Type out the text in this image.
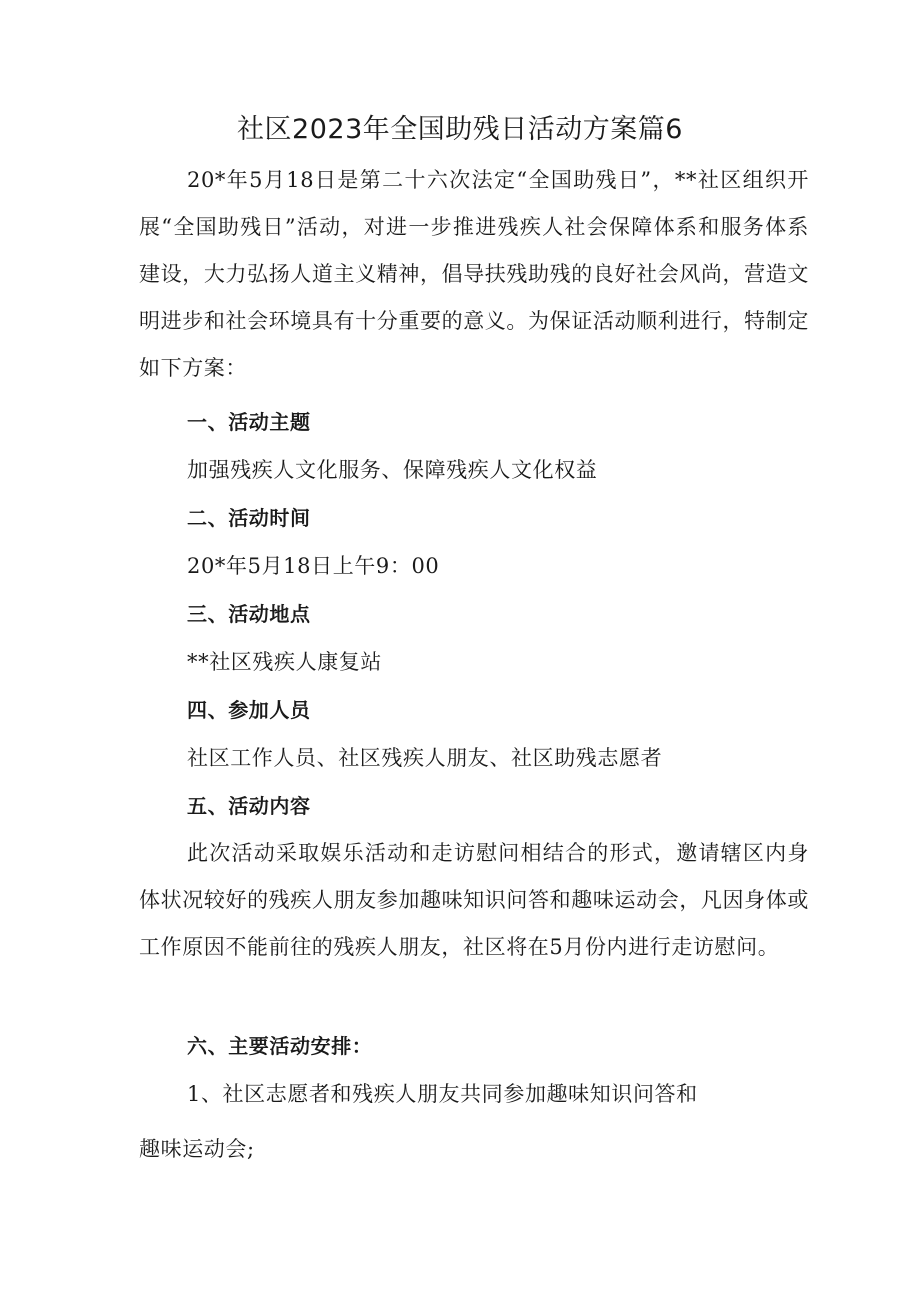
社区2023年全国助残日活动方案篇6
20*年5月18日是第二十六次法定“全国助残日”，**社区组织开展“全国助残日”活动，对进一步推进残疾人社会保障体系和服务体系建设，大力弘扬人道主义精神，倡导扶残助残的良好社会风尚，营造文明进步和社会环境具有十分重要的意义。为保证活动顺利进行，特制定如下方案：
一、活动主题
加强残疾人文化服务、保障残疾人文化权益
二、活动时间
20*年5月18日上午9：00
三、活动地点
**社区残疾人康复站
四、参加人员
社区工作人员、社区残疾人朋友、社区助残志愿者
五、活动内容
此次活动采取娱乐活动和走访慰问相结合的形式，邀请辖区内身体状况较好的残疾人朋友参加趣味知识问答和趣味运动会，凡因身体或工作原因不能前往的残疾人朋友，社区将在5月份内进行走访慰问。
六、主要活动安排：
1、社区志愿者和残疾人朋友共同参加趣味知识问答和
趣味运动会;
